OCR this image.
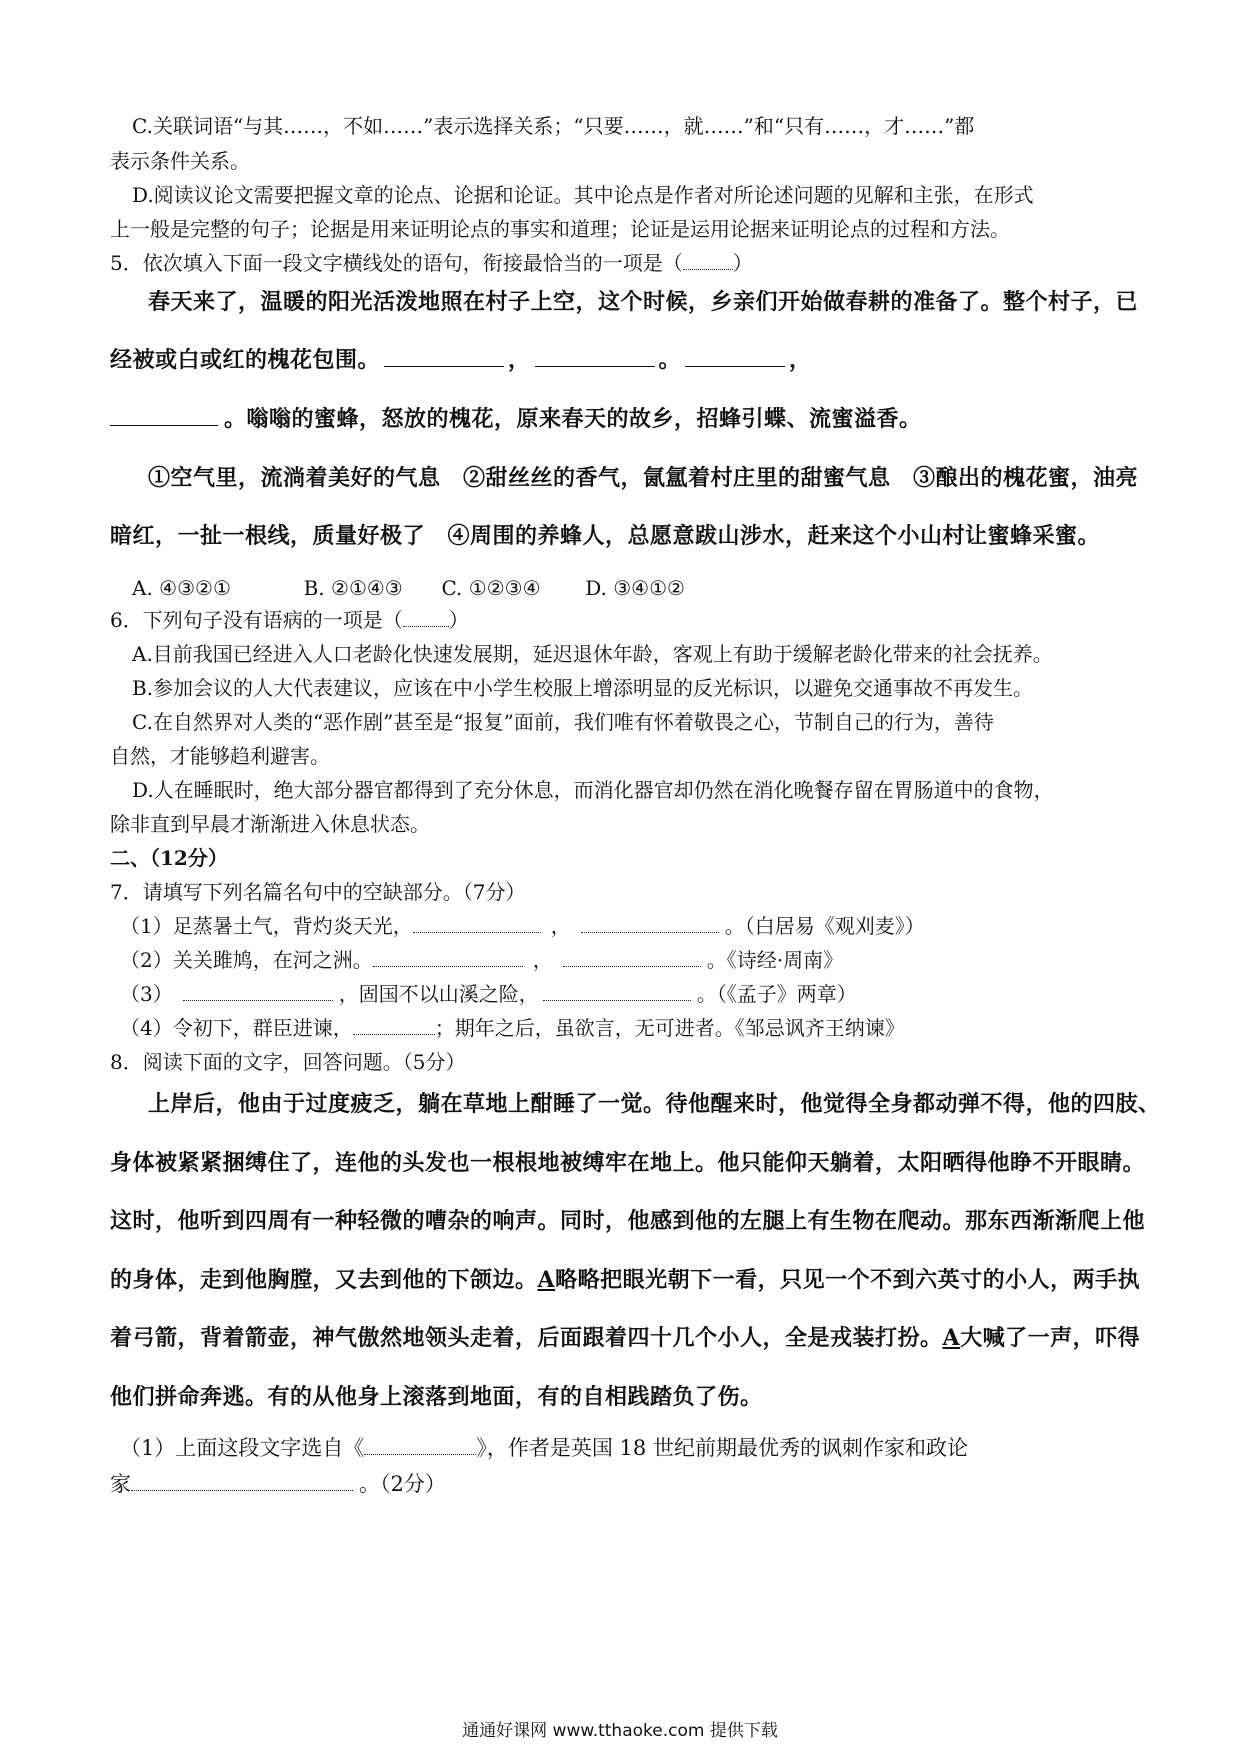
C.关联词语“与其……，不如……”表示选择关系；“只要……，就……”和“只有……，才……”都
表示条件关系。
D.阅读议论文需要把握文章的论点、论据和论证。其中论点是作者对所论述问题的见解和主张，在形式
上一般是完整的句子；论据是用来证明论点的事实和道理；论证是运用论据来证明论点的过程和方法。
5．依次填入下面一段文字横线处的语句，衔接最恰当的一项是（	）
春天来了，温暖的阳光活泼地照在村子上空，这个时候，乡亲们开始做春耕的准备了。整个村子，已
经被或白或红的槐花包围。	，	。	，
。嗡嗡的蜜蜂，怒放的槐花，原来春天的故乡，招蜂引蝶、流蜜溢香。
①空气里，流淌着美好的气息　②甜丝丝的香气，氤氲着村庄里的甜蜜气息　③酿出的槐花蜜，油亮
暗红，一扯一根线，质量好极了　④周围的养蜂人，总愿意跋山涉水，赶来这个小山村让蜜蜂采蜜。
A. ④③②①	B. ②①④③ C. ①②③④ D. ③④①②
6．下列句子没有语病的一项是（ ）
A.目前我国已经进入人口老龄化快速发展期，延迟退休年龄，客观上有助于缓解老龄化带来的社会抚养。
B.参加会议的人大代表建议，应该在中小学生校服上增添明显的反光标识，以避免交通事故不再发生。
C.在自然界对人类的“恶作剧”甚至是“报复”面前，我们唯有怀着敬畏之心，节制自己的行为，善待
自然，才能够趋利避害。
D.人在睡眠时，绝大部分器官都得到了充分休息，而消化器官却仍然在消化晚餐存留在胃肠道中的食物，
除非直到早晨才渐渐进入休息状态。
二、（12分）
7．请填写下列名篇名句中的空缺部分。（7分）
（1）足蒸暑土气，背灼炎天光，	，	。（白居易《观刈麦》）
（2）关关雎鸠，在河之洲。	，	。《诗经·周南》
（3）	，固国不以山溪之险，	。（《孟子》两章）
（4）令初下，群臣进谏，	；期年之后，虽欲言，无可进者。《邹忌讽齐王纳谏》
8．阅读下面的文字，回答问题。（5分）
上岸后，他由于过度疲乏，躺在草地上酣睡了一觉。待他醒来时，他觉得全身都动弹不得，他的四肢、
身体被紧紧捆缚住了，连他的头发也一根根地被缚牢在地上。他只能仰天躺着，太阳晒得他睁不开眼睛。
这时，他听到四周有一种轻微的嘈杂的响声。同时，他感到他的左腿上有生物在爬动。那东西渐渐爬上他
的身体，走到他胸膛，又去到他的下颌边。A略略把眼光朝下一看，只见一个不到六英寸的小人，两手执
着弓箭，背着箭壶，神气傲然地领头走着，后面跟着四十几个小人，全是戎装打扮。A大喊了一声，吓得
他们拼命奔逃。有的从他身上滚落到地面，有的自相践踏负了伤。
（1）上面这段文字选自《	》，作者是英国 18 世纪前期最优秀的讽刺作家和政论
家	。（2分）
通通好课网 www.tthaoke.com 提供下载
